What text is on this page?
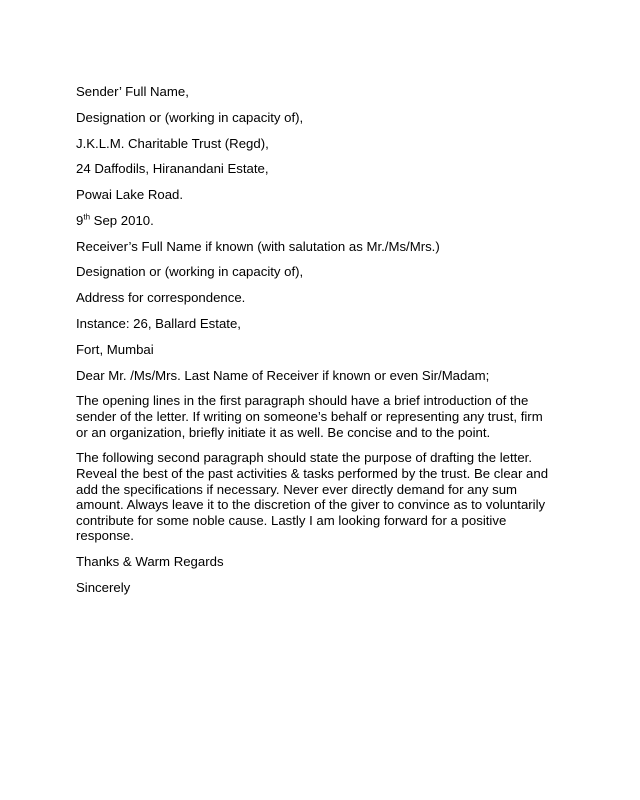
Sender’ Full Name,
Designation or (working in capacity of),
J.K.L.M. Charitable Trust (Regd),
24 Daffodils, Hiranandani Estate,
Powai Lake Road.
9th Sep 2010.
Receiver’s Full Name if known (with salutation as Mr./Ms/Mrs.)
Designation or (working in capacity of),
Address for correspondence.
Instance: 26, Ballard Estate,
Fort, Mumbai
Dear Mr. /Ms/Mrs. Last Name of Receiver if known or even Sir/Madam;
The opening lines in the first paragraph should have a brief introduction of the sender of the letter. If writing on someone’s behalf or representing any trust, firm or an organization, briefly initiate it as well. Be concise and to the point.
The following second paragraph should state the purpose of drafting the letter. Reveal the best of the past activities & tasks performed by the trust. Be clear and add the specifications if necessary. Never ever directly demand for any sum amount. Always leave it to the discretion of the giver to convince as to voluntarily contribute for some noble cause. Lastly I am looking forward for a positive response.
Thanks & Warm Regards
Sincerely
